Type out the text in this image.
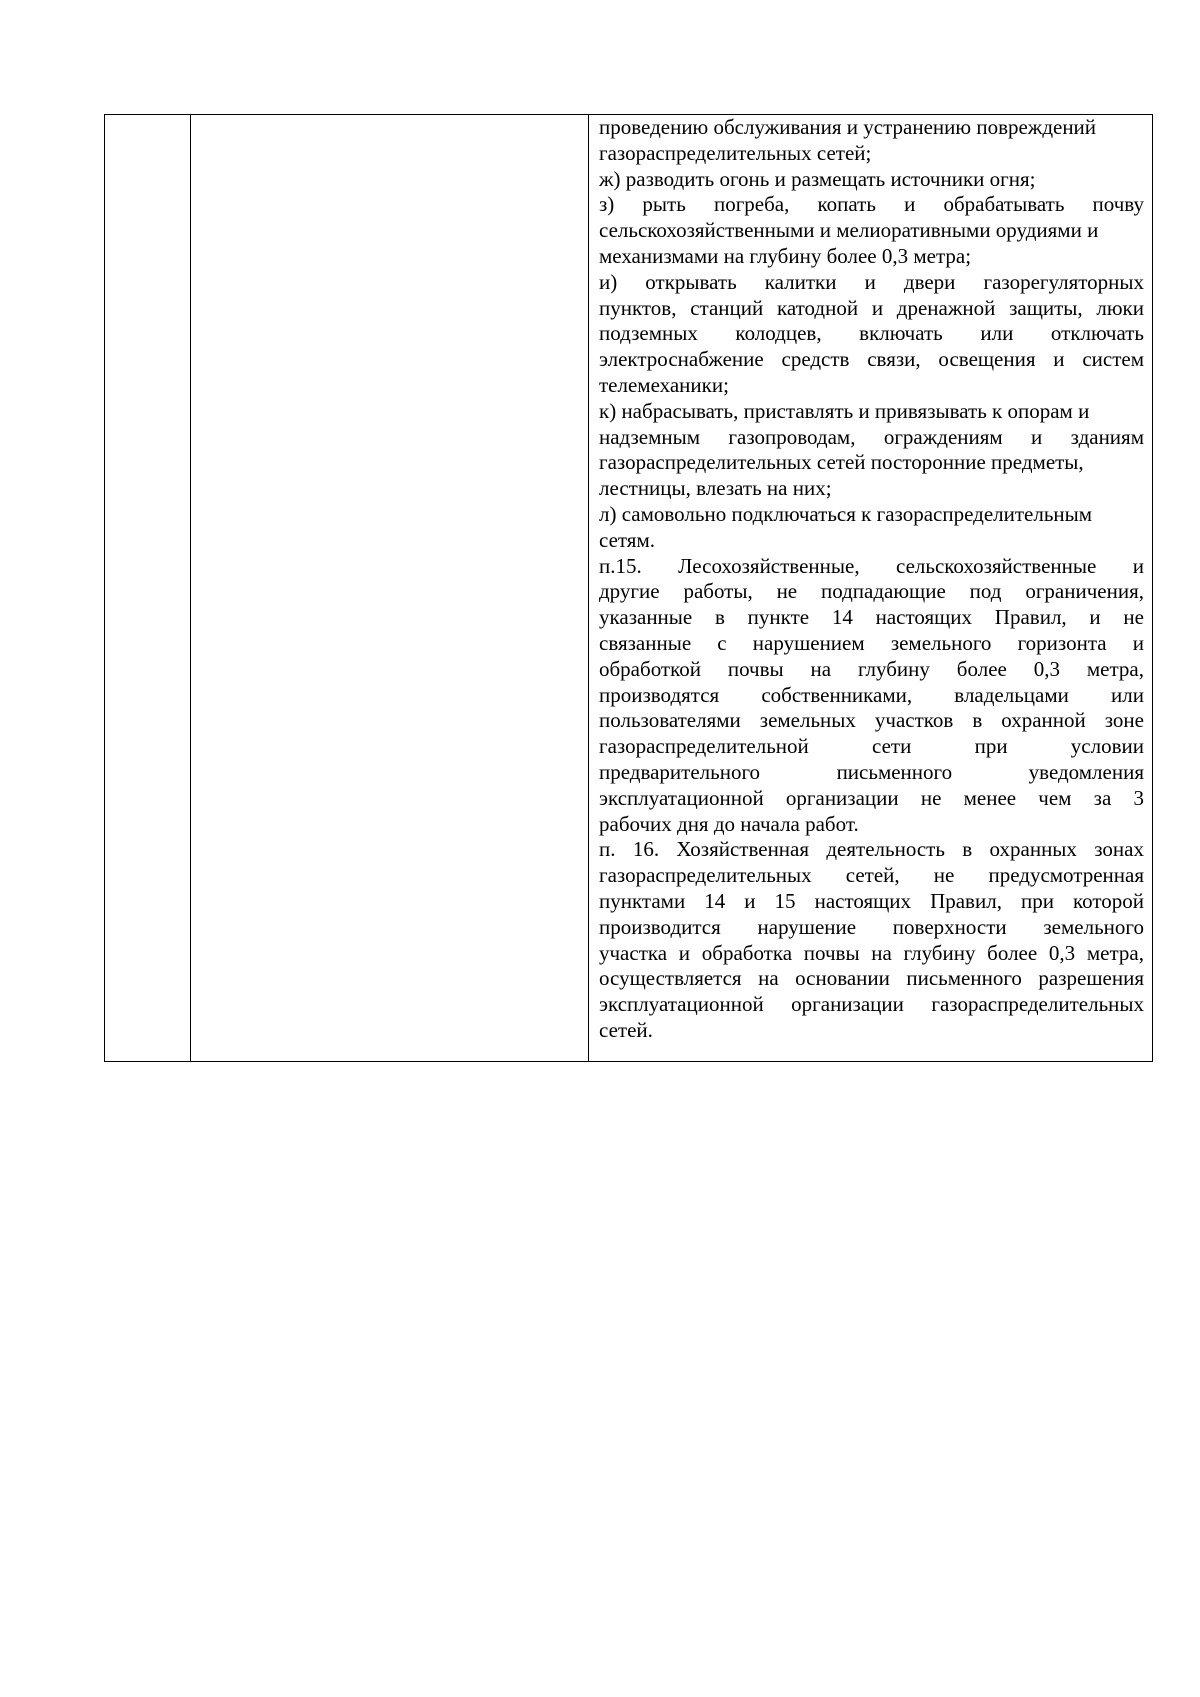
проведению обслуживания и устранению повреждений
газораспределительных сетей;
ж) разводить огонь и размещать источники огня;
з) рыть погреба, копать и обрабатывать почву
сельскохозяйственными и мелиоративными орудиями и
механизмами на глубину более 0,3 метра;
и) открывать калитки и двери газорегуляторных
пунктов, станций катодной и дренажной защиты, люки
подземных колодцев, включать или отключать
электроснабжение средств связи, освещения и систем
телемеханики;
к) набрасывать, приставлять и привязывать к опорам и
надземным газопроводам, ограждениям и зданиям
газораспределительных сетей посторонние предметы,
лестницы, влезать на них;
л) самовольно подключаться к газораспределительным
сетям.
п.15. Лесохозяйственные, сельскохозяйственные и
другие работы, не подпадающие под ограничения,
указанные в пункте 14 настоящих Правил, и не
связанные с нарушением земельного горизонта и
обработкой почвы на глубину более 0,3 метра,
производятся собственниками, владельцами или
пользователями земельных участков в охранной зоне
газораспределительной сети при условии
предварительного письменного уведомления
эксплуатационной организации не менее чем за 3
рабочих дня до начала работ.
п. 16. Хозяйственная деятельность в охранных зонах
газораспределительных сетей, не предусмотренная
пунктами 14 и 15 настоящих Правил, при которой
производится нарушение поверхности земельного
участка и обработка почвы на глубину более 0,3 метра,
осуществляется на основании письменного разрешения
эксплуатационной организации газораспределительных
сетей.
